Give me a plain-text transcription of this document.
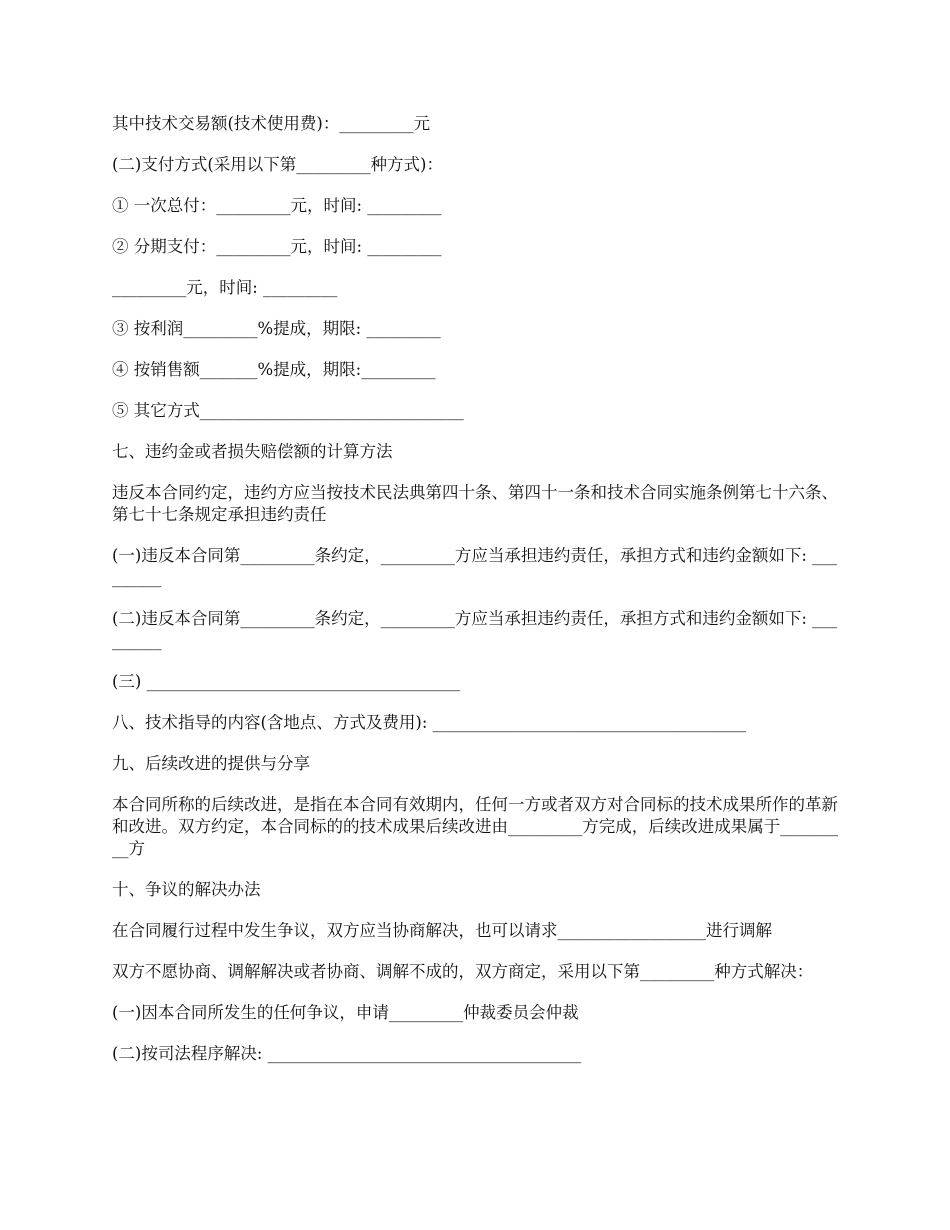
其中技术交易额(技术使用费)：_________元

(二)支付方式(采用以下第_________种方式)：

① 一次总付：_________元，时间: _________

② 分期支付：_________元，时间: _________

_________元，时间: _________

③ 按利润_________%提成，期限: _________

④ 按销售额_______%提成，期限:_________

⑤ 其它方式________________________________

七、违约金或者损失赔偿额的计算方法

违反本合同约定，违约方应当按技术民法典第四十条、第四十一条和技术合同实施条例第七十六条、第七十七条规定承担违约责任

(一)违反本合同第_________条约定，_________方应当承担违约责任，承担方式和违约金额如下: _________

(二)违反本合同第_________条约定，_________方应当承担违约责任，承担方式和违约金额如下: _________

(三) ______________________________________

八、技术指导的内容(含地点、方式及费用): ______________________________________

九、后续改进的提供与分享

本合同所称的后续改进，是指在本合同有效期内，任何一方或者双方对合同标的技术成果所作的革新和改进。双方约定，本合同标的的技术成果后续改进由_________方完成，后续改进成果属于_________方

十、争议的解决办法

在合同履行过程中发生争议，双方应当协商解决，也可以请求__________________进行调解

双方不愿协商、调解解决或者协商、调解不成的，双方商定，采用以下第_________种方式解决：

(一)因本合同所发生的任何争议，申请_________仲裁委员会仲裁

(二)按司法程序解决: ______________________________________
